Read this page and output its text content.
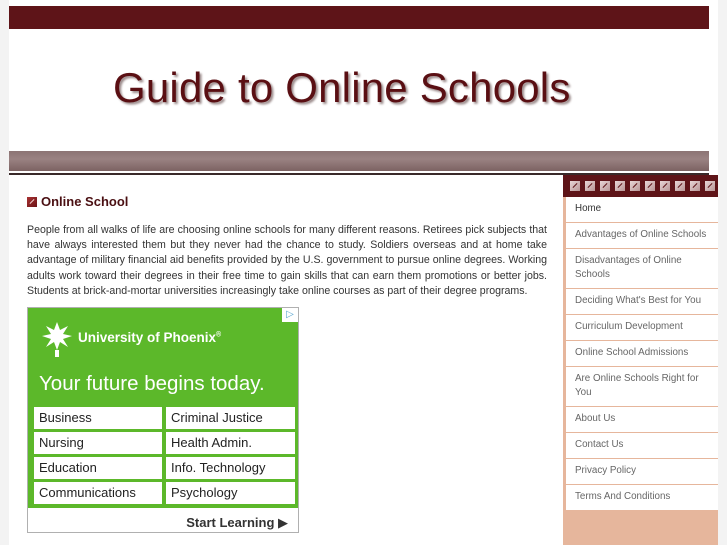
Guide to Online Schools
Online School
People from all walks of life are choosing online schools for many different reasons. Retirees pick subjects that have always interested them but they never had the chance to study. Soldiers overseas and at home take advantage of military financial aid benefits provided by the U.S. government to pursue online degrees. Working adults work toward their degrees in their free time to gain skills that can earn them promotions or better jobs. Students at brick-and-mortar universities increasingly take online courses as part of their degree programs.
University of Phoenix®
▷
Your future begins today.
Business	Criminal Justice
Nursing	Health Admin.
Education	Info. Technology
Communications	Psychology
Start Learning ▶
Home
Advantages of Online Schools
Disadvantages of Online Schools
Deciding What's Best for You
Curriculum Development
Online School Admissions
Are Online Schools Right for You
About Us
Contact Us
Privacy Policy
Terms And Conditions
